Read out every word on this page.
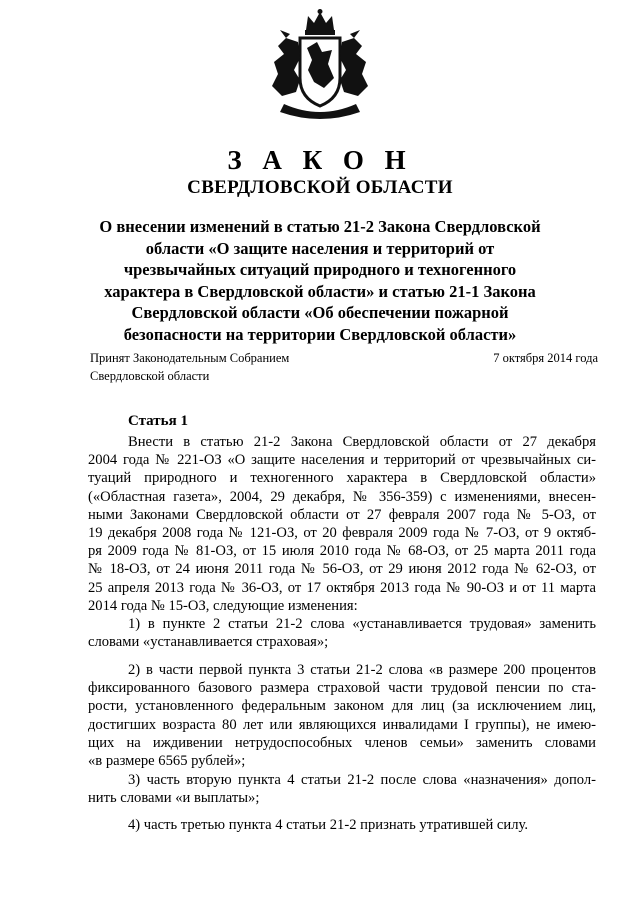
З А К О Н
СВЕРДЛОВСКОЙ ОБЛАСТИ
О внесении изменений в статью 21-2 Закона Свердловской
области «О защите населения и территорий от
чрезвычайных ситуаций природного и техногенного
характера в Свердловской области» и статью 21-1 Закона
Свердловской области «Об обеспечении пожарной
безопасности на территории Свердловской области»
Принят Законодательным Собранием
Свердловской области
7 октября 2014 года
Статья 1
Внести в статью 21-2 Закона Свердловской области от 27 декабря
2004 года № 221-ОЗ «О защите населения и территорий от чрезвычайных си-
туаций природного и техногенного характера в Свердловской области»
(«Областная газета», 2004, 29 декабря, № 356-359) с изменениями, внесен-
ными Законами Свердловской области от 27 февраля 2007 года № 5-ОЗ, от
19 декабря 2008 года № 121-ОЗ, от 20 февраля 2009 года № 7-ОЗ, от 9 октяб-
ря 2009 года № 81-ОЗ, от 15 июля 2010 года № 68-ОЗ, от 25 марта 2011 года
№ 18-ОЗ, от 24 июня 2011 года № 56-ОЗ, от 29 июня 2012 года № 62-ОЗ, от
25 апреля 2013 года № 36-ОЗ, от 17 октября 2013 года № 90-ОЗ и от 11 марта
2014 года № 15-ОЗ, следующие изменения:
1) в пункте 2 статьи 21-2 слова «устанавливается трудовая» заменить
словами «устанавливается страховая»;
2) в части первой пункта 3 статьи 21-2 слова «в размере 200 процентов
фиксированного базового размера страховой части трудовой пенсии по ста-
рости, установленного федеральным законом для лиц (за исключением лиц,
достигших возраста 80 лет или являющихся инвалидами I группы), не имею-
щих на иждивении нетрудоспособных членов семьи» заменить словами
«в размере 6565 рублей»;
3) часть вторую пункта 4 статьи 21-2 после слова «назначения» допол-
нить словами «и выплаты»;
4) часть третью пункта 4 статьи 21-2 признать утратившей силу.
